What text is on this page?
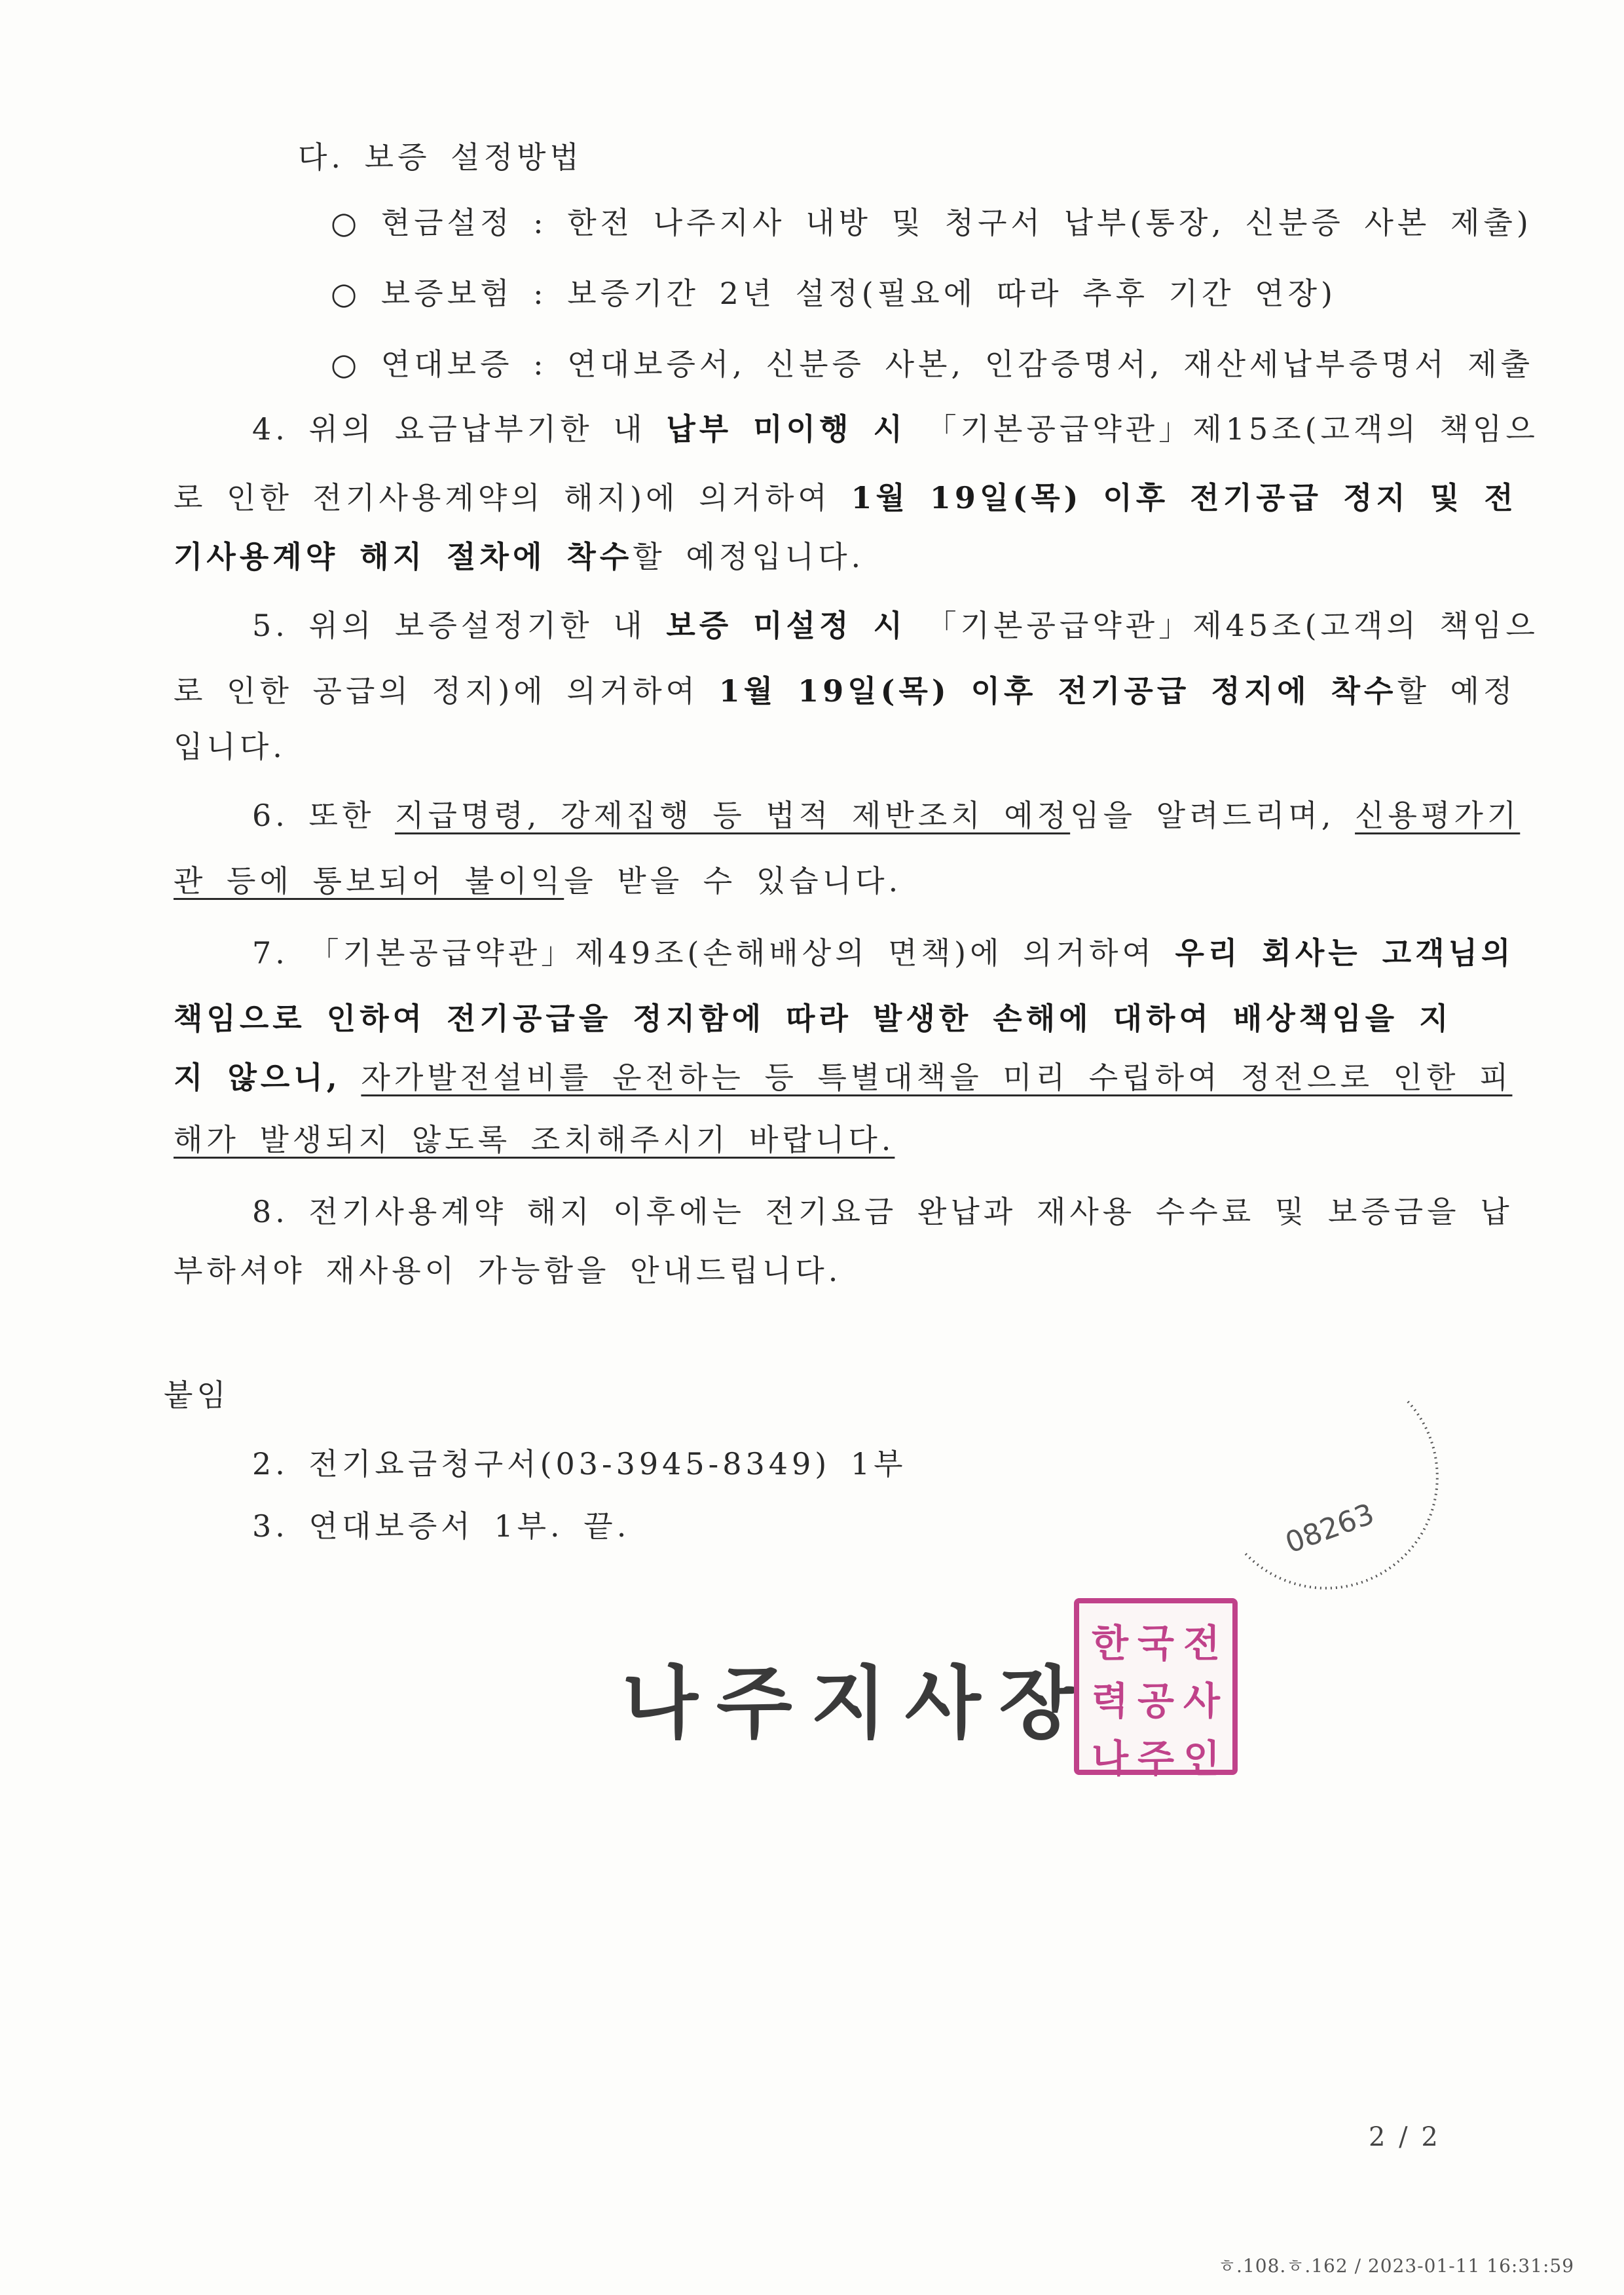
다. 보증 설정방법
○ 현금설정 : 한전 나주지사 내방 및 청구서 납부(통장, 신분증 사본 제출)
○ 보증보험 : 보증기간 2년 설정(필요에 따라 추후 기간 연장)
○ 연대보증 : 연대보증서, 신분증 사본, 인감증명서, 재산세납부증명서 제출
4. 위의 요금납부기한 내 납부 미이행 시 「기본공급약관」제15조(고객의 책임으
로 인한 전기사용계약의 해지)에 의거하여 1월 19일(목) 이후 전기공급 정지 및 전
기사용계약 해지 절차에 착수할 예정입니다.
5. 위의 보증설정기한 내 보증 미설정 시 「기본공급약관」제45조(고객의 책임으
로 인한 공급의 정지)에 의거하여 1월 19일(목) 이후 전기공급 정지에 착수할 예정
입니다.
6. 또한 지급명령, 강제집행 등 법적 제반조치 예정임을 알려드리며, 신용평가기
관 등에 통보되어 불이익을 받을 수 있습니다.
7. 「기본공급약관」제49조(손해배상의 면책)에 의거하여 우리 회사는 고객님의
책임으로 인하여 전기공급을 정지함에 따라 발생한 손해에 대하여 배상책임을 지
지 않으니, 자가발전설비를 운전하는 등 특별대책을 미리 수립하여 정전으로 인한 피
해가 발생되지 않도록 조치해주시기 바랍니다.
8. 전기사용계약 해지 이후에는 전기요금 완납과 재사용 수수료 및 보증금을 납
부하셔야 재사용이 가능함을 안내드립니다.
붙임
2. 전기요금청구서(03-3945-8349) 1부
3. 연대보증서 1부. 끝.	08263
나주지사장
한 국 전
력 공 사
나 주 인
2 / 2
ㅎ.108.ㅎ.162 / 2023-01-11 16:31:59
